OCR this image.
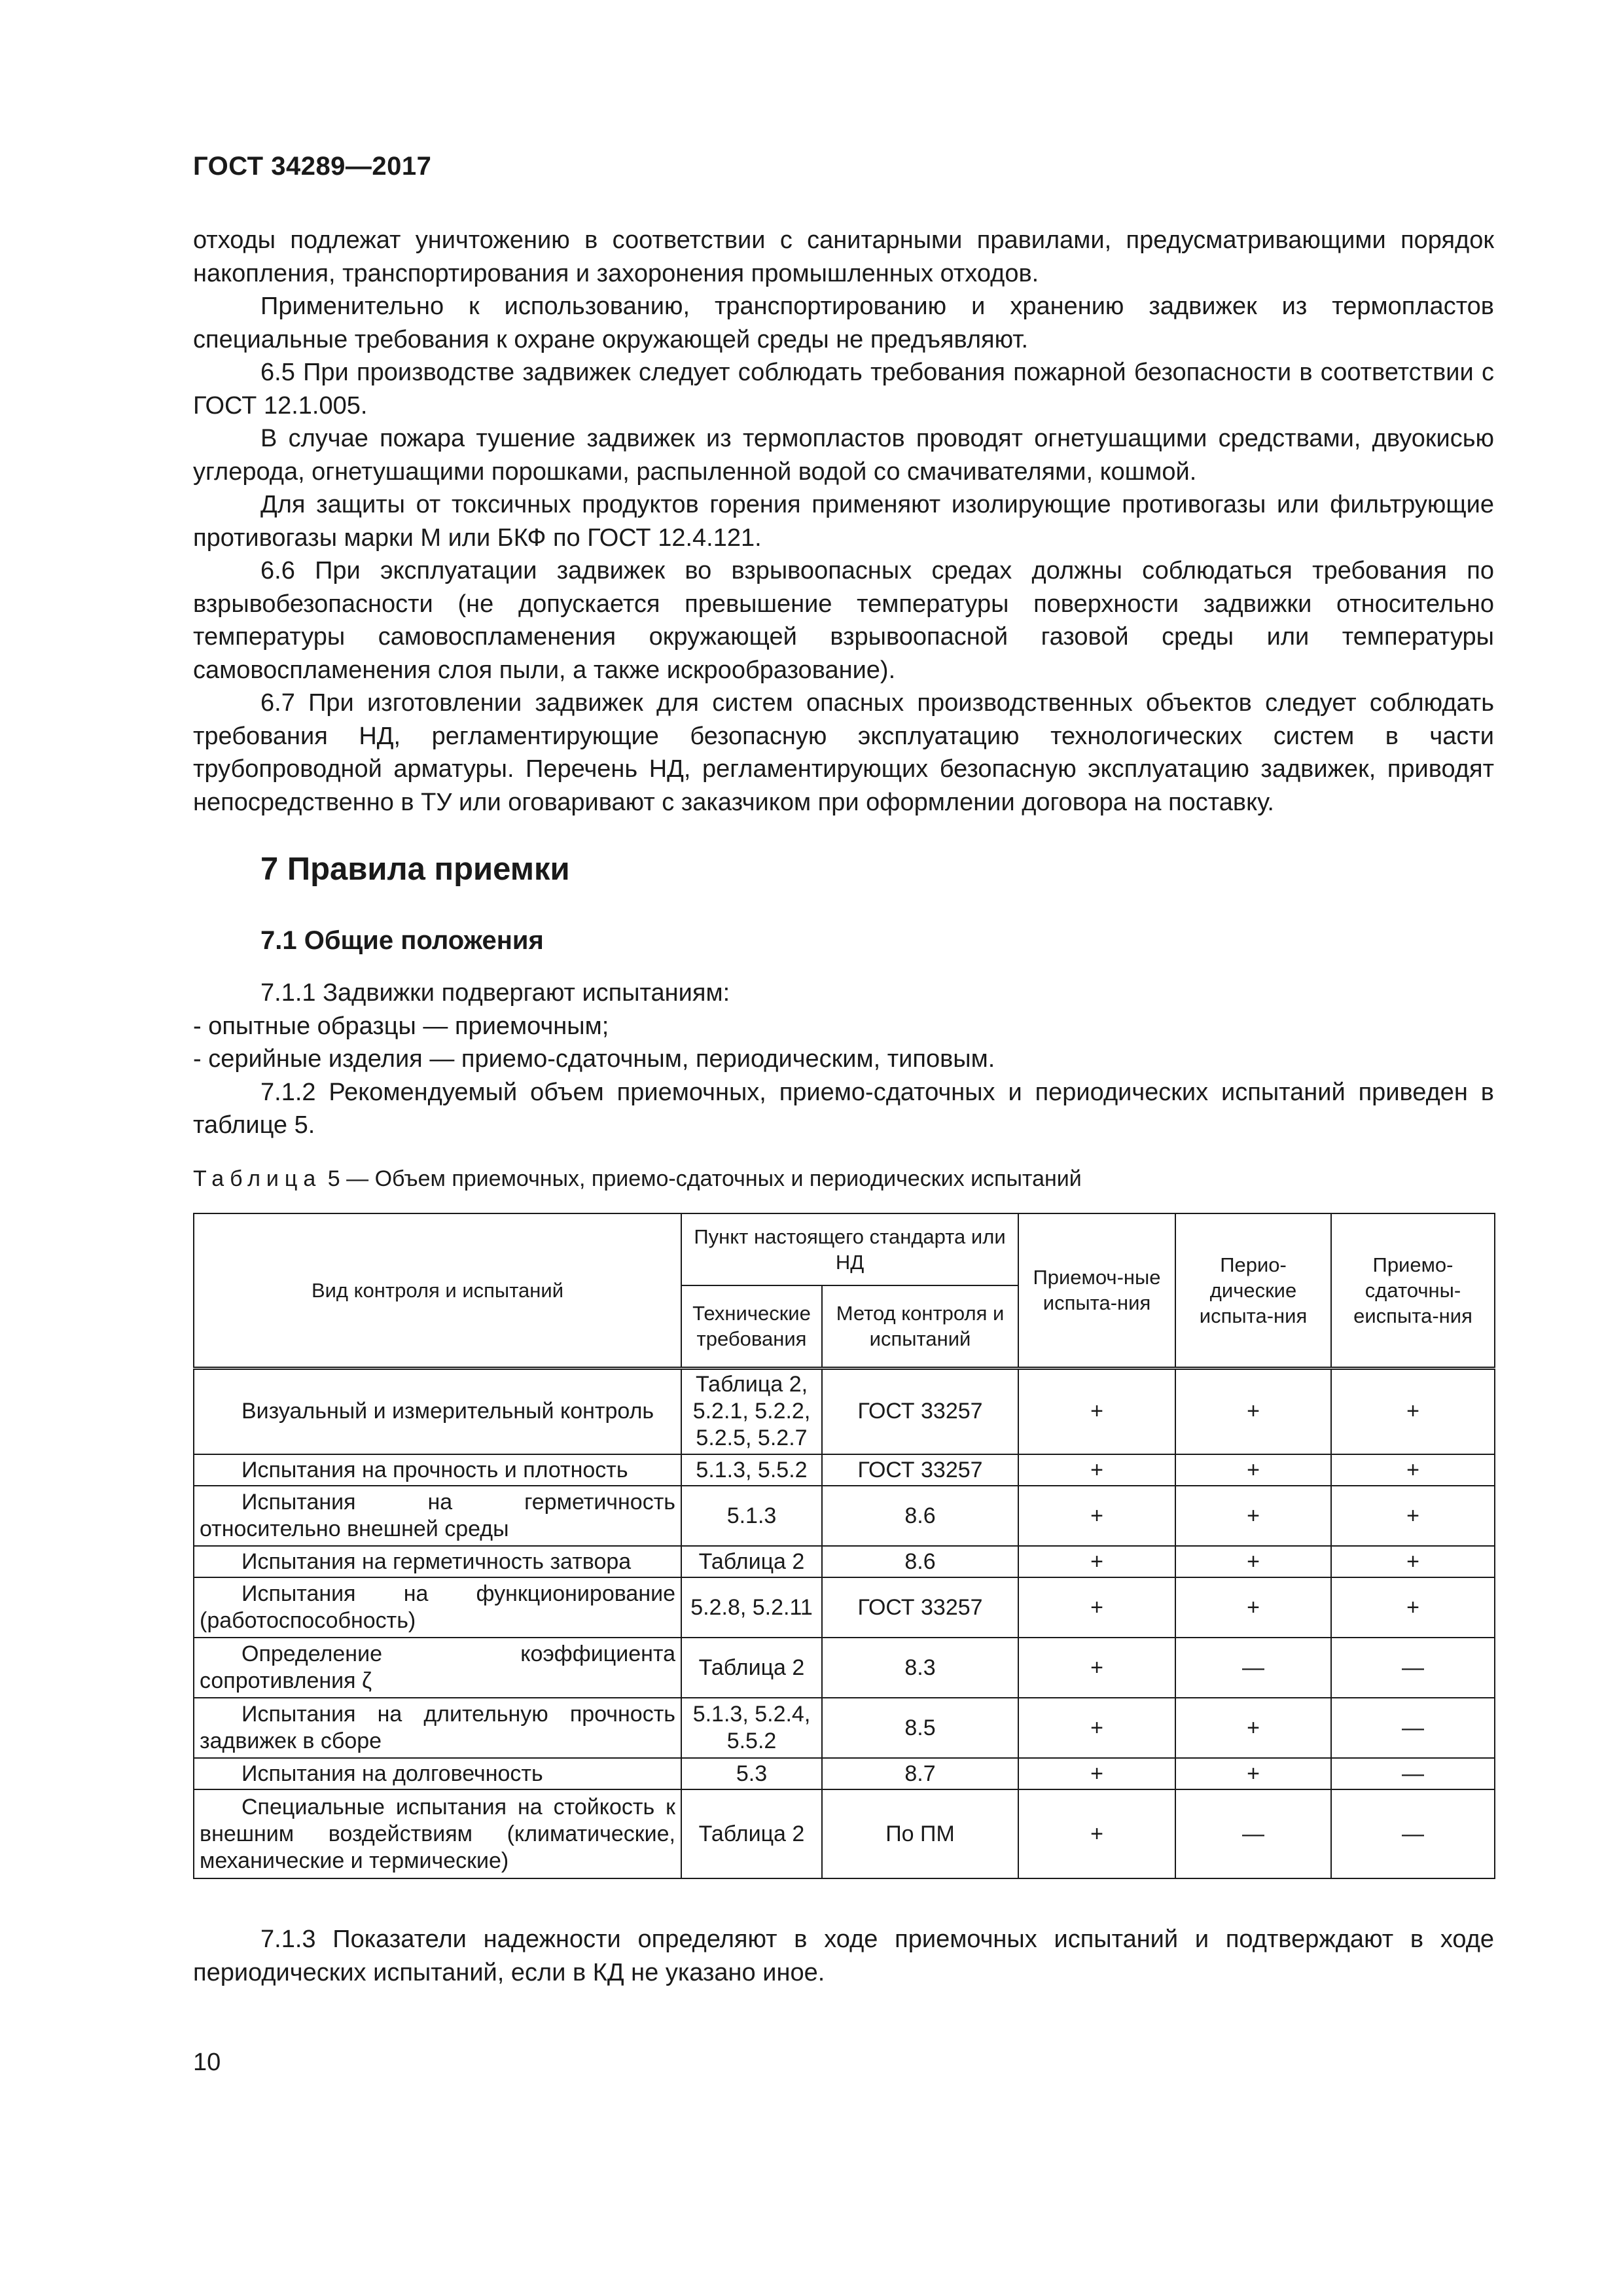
ГОСТ 34289—2017

отходы подлежат уничтожению в соответствии с санитарными правилами, предусматривающими порядок накопления, транспортирования и захоронения промышленных отходов.

Применительно к использованию, транспортированию и хранению задвижек из термопластов специальные требования к охране окружающей среды не предъявляют.

6.5 При производстве задвижек следует соблюдать требования пожарной безопасности в соответствии с ГОСТ 12.1.005.

В случае пожара тушение задвижек из термопластов проводят огнетушащими средствами, двуокисью углерода, огнетушащими порошками, распыленной водой со смачивателями, кошмой.

Для защиты от токсичных продуктов горения применяют изолирующие противогазы или фильтрующие противогазы марки М или БКФ по ГОСТ 12.4.121.

6.6 При эксплуатации задвижек во взрывоопасных средах должны соблюдаться требования по взрывобезопасности (не допускается превышение температуры поверхности задвижки относительно температуры самовоспламенения окружающей взрывоопасной газовой среды или температуры самовоспламенения слоя пыли, а также искрообразование).

6.7 При изготовлении задвижек для систем опасных производственных объектов следует соблюдать требования НД, регламентирующие безопасную эксплуатацию технологических систем в части трубопроводной арматуры. Перечень НД, регламентирующих безопасную эксплуатацию задвижек, приводят непосредственно в ТУ или оговаривают с заказчиком при оформлении договора на поставку.

7 Правила приемки
7.1 Общие положения

7.1.1 Задвижки подвергают испытаниям:

- опытные образцы — приемочным;

- серийные изделия — приемо-сдаточным, периодическим, типовым.

7.1.2 Рекомендуемый объем приемочных, приемо-сдаточных и периодических испытаний приведен в таблице 5.

Таблица 5 — Объем приемочных, приемо-сдаточных и периодических испытаний
Вид контроля и испытаний	Пункт настоящего стандарта или НД		Приемоч-ные испыта-ния	Перио-дические испыта-ния	Приемо-сдаточны-еиспыта-ния
	Технические требования	Метод контроля и испытаний			

Визуальный и измерительный контроль	Таблица 2, 5.2.1, 5.2.2, 5.2.5, 5.2.7	ГОСТ 33257	+	+	+

Испытания на прочность и плотность	5.1.3, 5.5.2	ГОСТ 33257	+	+	+

Испытания на герметичность относительно внешней среды	5.1.3	8.6	+	+	+

Испытания на герметичность затвора	Таблица 2	8.6	+	+	+

Испытания на функционирование (работоспособность)	5.2.8, 5.2.11	ГОСТ 33257	+	+	+

Определение коэффициента сопротивления ζ	Таблица 2	8.3	+	—	—

Испытания на длительную прочность задвижек в сборе	5.1.3, 5.2.4, 5.5.2	8.5	+	+	—

Испытания на долговечность	5.3	8.7	+	+	—

Специальные испытания на стойкость к внешним воздействиям (климатические, механические и термические)	Таблица 2	По ПМ	+	—	—

7.1.3 Показатели надежности определяют в ходе приемочных испытаний и подтверждают в ходе периодических испытаний, если в КД не указано иное.

10
